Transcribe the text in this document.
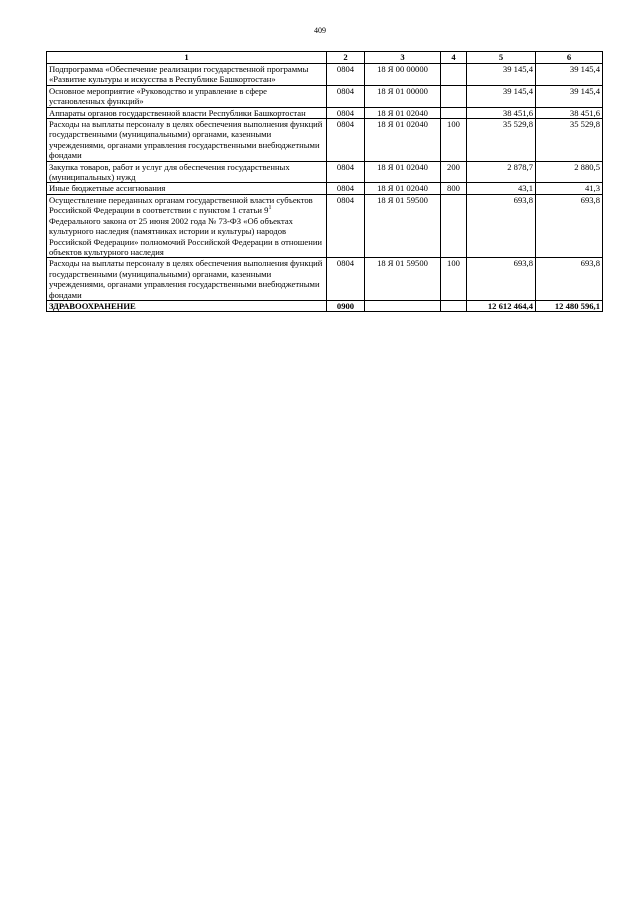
409
1	2	3	4	5	6
Подпрограмма «Обеспечение реализации государственной программы «Развитие культуры и искусства в Республике Башкортостан»	0804	18 Я 00 00000		39 145,4	39 145,4
Основное мероприятие «Руководство и управление в сфере установленных функций»	0804	18 Я 01 00000		39 145,4	39 145,4
Аппараты органов государственной власти Республики Башкортостан	0804	18 Я 01 02040		38 451,6	38 451,6
Расходы на выплаты персоналу в целях обеспечения выполнения функций государственными (муниципальными) органами, казенными учреждениями, органами управления государственными внебюджетными фондами	0804	18 Я 01 02040	100	35 529,8	35 529,8
Закупка товаров, работ и услуг для обеспечения государственных (муниципальных) нужд	0804	18 Я 01 02040	200	2 878,7	2 880,5
Иные бюджетные ассигнования	0804	18 Я 01 02040	800	43,1	41,3
Осуществление переданных органам государственной власти субъектов Российской Федерации в соответствии с пунктом 1 статьи $9^1$ Федерального закона от 25 июня 2002 года № 73-ФЗ «Об объектах культурного наследия (памятниках истории и культуры) народов Российской Федерации» полномочий Российской Федерации в отношении объектов культурного наследия	0804	18 Я 01 59500		693,8	693,8
Расходы на выплаты персоналу в целях обеспечения выполнения функций государственными (муниципальными) органами, казенными учреждениями, органами управления государственными внебюджетными фондами	0804	18 Я 01 59500	100	693,8	693,8
ЗДРАВООХРАНЕНИЕ	0900			12 612 464,4	12 480 596,1
